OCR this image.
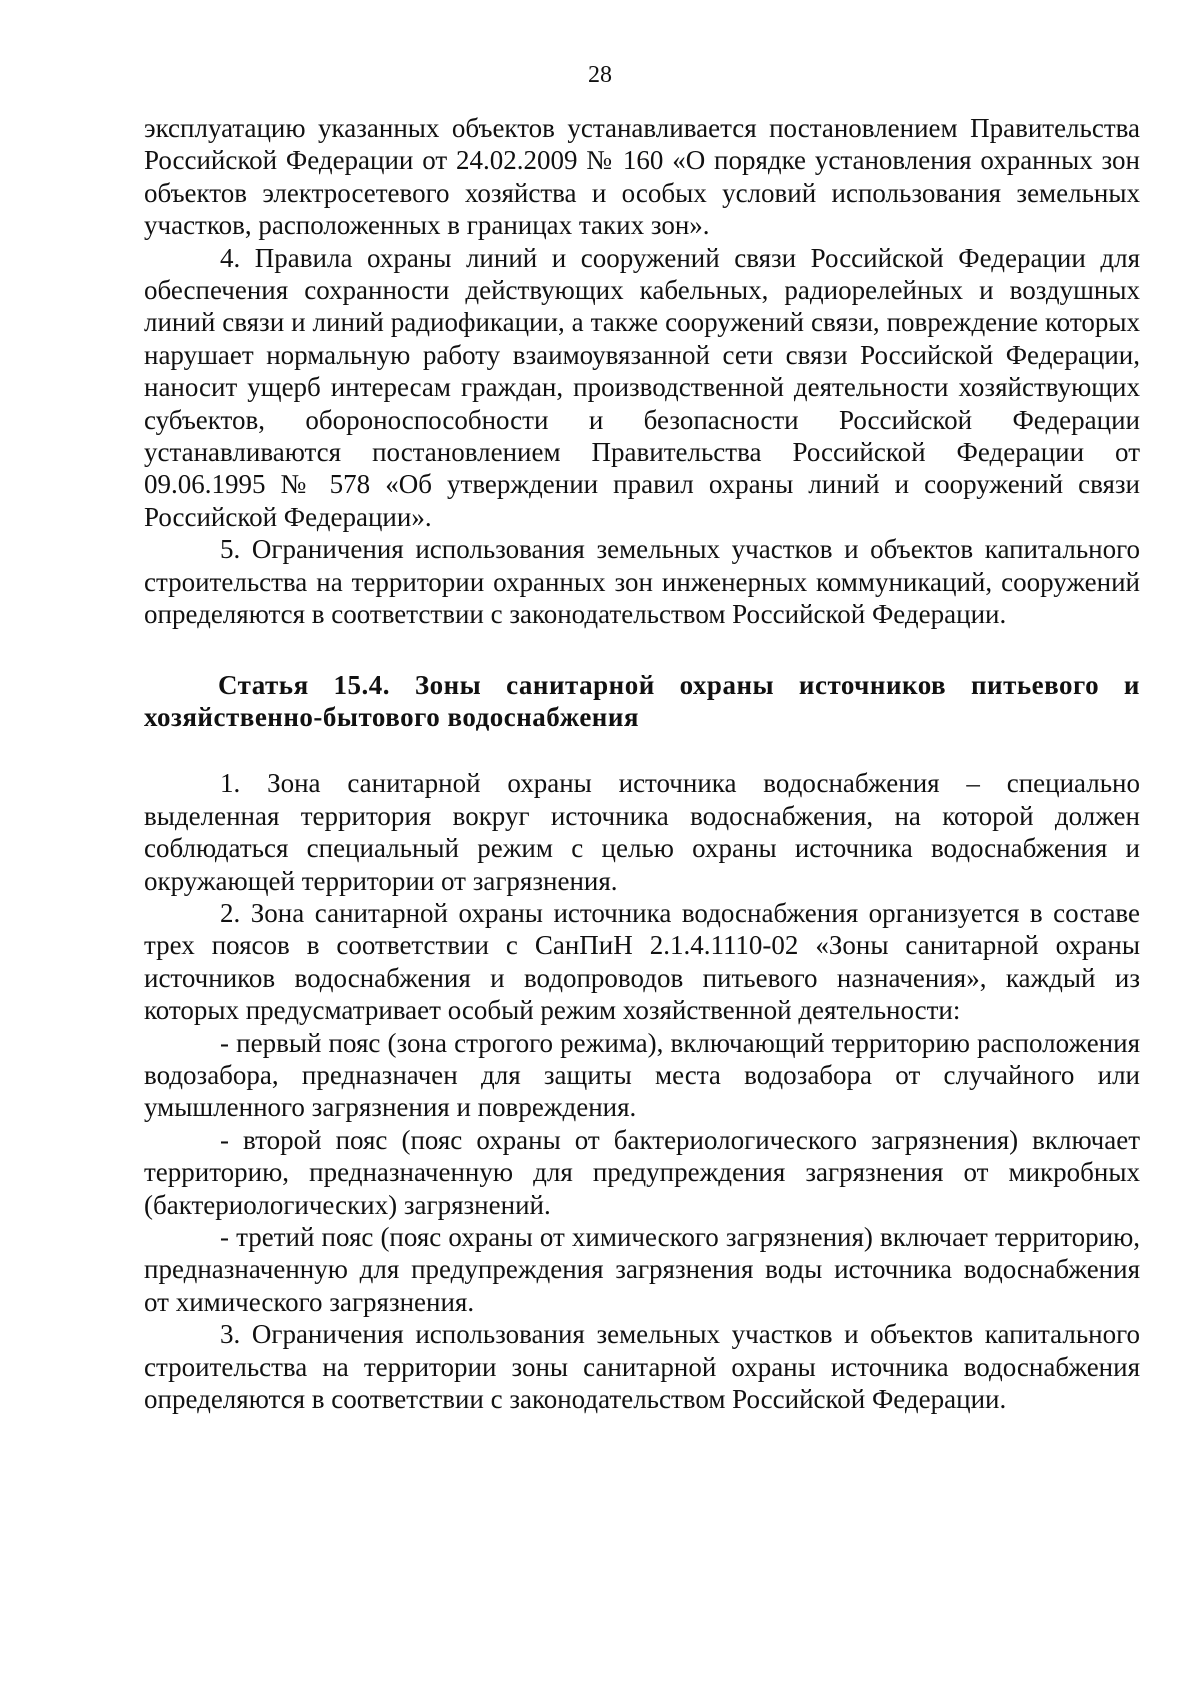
28

эксплуатацию указанных объектов устанавливается постановлением Правительства Российской Федерации от 24.02.2009 № 160 «О порядке установления охранных зон объектов электросетевого хозяйства и особых условий использования земельных участков, расположенных в границах таких зон».

4. Правила охраны линий и сооружений связи Российской Федерации для обеспечения сохранности действующих кабельных, радиорелейных и воздушных линий связи и линий радиофикации, а также сооружений связи, повреждение которых нарушает нормальную работу взаимоувязанной сети связи Российской Федерации, наносит ущерб интересам граждан, производственной деятельности хозяйствующих субъектов, обороноспособности и безопасности Российской Федерации устанавливаются постановлением Правительства Российской Федерации от 09.06.1995 № 578 «Об утверждении правил охраны линий и сооружений связи Российской Федерации».

5. Ограничения использования земельных участков и объектов капитального строительства на территории охранных зон инженерных коммуникаций, сооружений определяются в соответствии с законодательством Российской Федерации.

Статья 15.4. Зоны санитарной охраны источников питьевого и хозяйственно-бытового водоснабжения

1. Зона санитарной охраны источника водоснабжения – специально выделенная территория вокруг источника водоснабжения, на которой должен соблюдаться специальный режим с целью охраны источника водоснабжения и окружающей территории от загрязнения.

2. Зона санитарной охраны источника водоснабжения организуется в составе трех поясов в соответствии с СанПиН 2.1.4.1110-02 «Зоны санитарной охраны источников водоснабжения и водопроводов питьевого назначения», каждый из которых предусматривает особый режим хозяйственной деятельности:

- первый пояс (зона строгого режима), включающий территорию расположения водозабора, предназначен для защиты места водозабора от случайного или умышленного загрязнения и повреждения.

- второй пояс (пояс охраны от бактериологического загрязнения) включает территорию, предназначенную для предупреждения загрязнения от микробных (бактериологических) загрязнений.

- третий пояс (пояс охраны от химического загрязнения) включает территорию, предназначенную для предупреждения загрязнения воды источника водоснабжения от химического загрязнения.

3. Ограничения использования земельных участков и объектов капитального строительства на территории зоны санитарной охраны источника водоснабжения определяются в соответствии с законодательством Российской Федерации.
